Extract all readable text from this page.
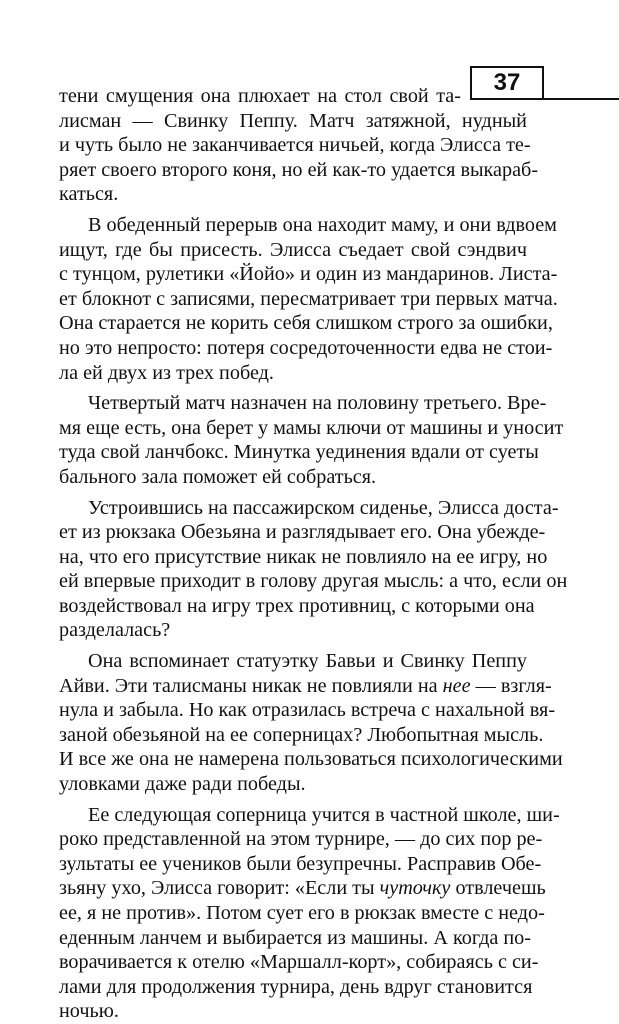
37
тени смущения она плюхает на стол свой та-
лисман — Свинку Пеппу. Матч затяжной, нудный
и чуть было не заканчивается ничьей, когда Элисса те-
ряет своего второго коня, но ей как-то удается выкараб-
каться.
В обеденный перерыв она находит маму, и они вдвоем
ищут, где бы присесть. Элисса съедает свой сэндвич
с тунцом, рулетики «Йойо» и один из мандаринов. Листа-
ет блокнот с записями, пересматривает три первых матча.
Она старается не корить себя слишком строго за ошибки,
но это непросто: потеря сосредоточенности едва не стои-
ла ей двух из трех побед.
Четвертый матч назначен на половину третьего. Вре-
мя еще есть, она берет у мамы ключи от машины и уносит
туда свой ланчбокс. Минутка уединения вдали от суеты
бального зала поможет ей собраться.
Устроившись на пассажирском сиденье, Элисса доста-
ет из рюкзака Обезьяна и разглядывает его. Она убежде-
на, что его присутствие никак не повлияло на ее игру, но
ей впервые приходит в голову другая мысль: а что, если он
воздействовал на игру трех противниц, с которыми она
разделалась?
Она вспоминает статуэтку Бавьи и Свинку Пеппу
Айви. Эти талисманы никак не повлияли на нее — взгля-
нула и забыла. Но как отразилась встреча с нахальной вя-
заной обезьяной на ее соперницах? Любопытная мысль.
И все же она не намерена пользоваться психологическими
уловками даже ради победы.
Ее следующая соперница учится в частной школе, ши-
роко представленной на этом турнире, — до сих пор ре-
зультаты ее учеников были безупречны. Расправив Обе-
зьяну ухо, Элисса говорит: «Если ты чуточку отвлечешь
ее, я не против». Потом сует его в рюкзак вместе с недо-
еденным ланчем и выбирается из машины. А когда по-
ворачивается к отелю «Маршалл-корт», собираясь с си-
лами для продолжения турнира, день вдруг становится
ночью.
